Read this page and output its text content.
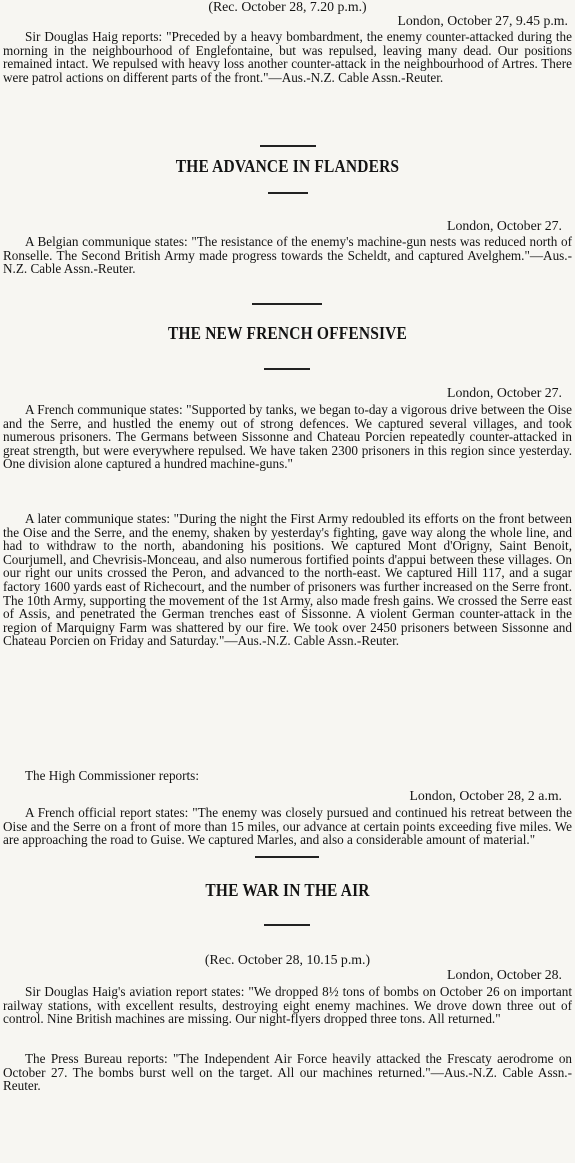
(Rec. October 28, 7.20 p.m.)
London, October 27, 9.45 p.m.

Sir Douglas Haig reports: "Preceded by a heavy bombardment, the enemy counter-attacked during the morning in the neighbourhood of Englefontaine, but was repulsed, leaving many dead. Our positions remained intact. We repulsed with heavy loss another counter-attack in the neighbourhood of Artres. There were patrol actions on different parts of the front."—Aus.-N.Z. Cable Assn.-Reuter.

THE ADVANCE IN FLANDERS
London, October 27.

A Belgian communique states: "The resistance of the enemy's machine-gun nests was reduced north of Ronselle. The Second British Army made progress towards the Scheldt, and captured Avelghem."—Aus.-N.Z. Cable Assn.-Reuter.

THE NEW FRENCH OFFENSIVE
London, October 27.

A French communique states: "Supported by tanks, we began to-day a vigorous drive between the Oise and the Serre, and hustled the enemy out of strong defences. We captured several villages, and took numerous prisoners. The Germans between Sissonne and Chateau Porcien repeatedly counter-attacked in great strength, but were everywhere repulsed. We have taken 2300 prisoners in this region since yesterday. One division alone captured a hundred machine-guns."

A later communique states: "During the night the First Army redoubled its efforts on the front between the Oise and the Serre, and the enemy, shaken by yesterday's fighting, gave way along the whole line, and had to withdraw to the north, abandoning his positions. We captured Mont d'Origny, Saint Benoit, Courjumell, and Chevrisis-Monceau, and also numerous fortified points d'appui between these villages. On our right our units crossed the Peron, and advanced to the north-east. We captured Hill 117, and a sugar factory 1600 yards east of Richecourt, and the number of prisoners was further increased on the Serre front. The 10th Army, supporting the movement of the 1st Army, also made fresh gains. We crossed the Serre east of Assis, and penetrated the German trenches east of Sissonne. A violent German counter-attack in the region of Marquigny Farm was shattered by our fire. We took over 2450 prisoners between Sissonne and Chateau Porcien on Friday and Saturday."—Aus.-N.Z. Cable Assn.-Reuter.

The High Commissioner reports:
London, October 28, 2 a.m.

A French official report states: "The enemy was closely pursued and continued his retreat between the Oise and the Serre on a front of more than 15 miles, our advance at certain points exceeding five miles. We are approaching the road to Guise. We captured Marles, and also a considerable amount of material."

THE WAR IN THE AIR
(Rec. October 28, 10.15 p.m.)
London, October 28.

Sir Douglas Haig's aviation report states: "We dropped 8½ tons of bombs on October 26 on important railway stations, with excellent results, destroying eight enemy machines. We drove down three out of control. Nine British machines are missing. Our night-flyers dropped three tons. All returned."

The Press Bureau reports: "The Independent Air Force heavily attacked the Frescaty aerodrome on October 27. The bombs burst well on the target. All our machines returned."—Aus.-N.Z. Cable Assn.-Reuter.
